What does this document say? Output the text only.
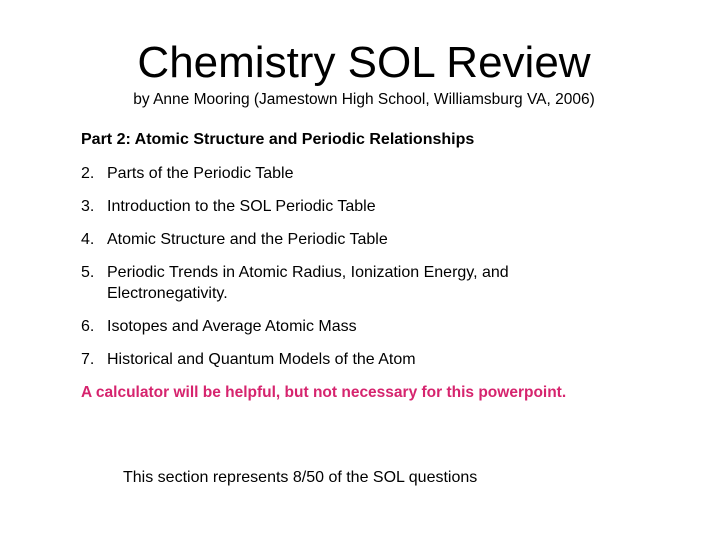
Chemistry SOL Review
by Anne Mooring (Jamestown High School, Williamsburg VA, 2006)
Part 2: Atomic Structure and Periodic Relationships
2. Parts of the Periodic Table
3. Introduction to the SOL Periodic Table
4. Atomic Structure and the Periodic Table
5. Periodic Trends in Atomic Radius, Ionization Energy, and Electronegativity.
6. Isotopes and Average Atomic Mass
7. Historical and Quantum Models of the Atom
A calculator will be helpful, but not necessary for this powerpoint.
This section represents 8/50 of the SOL questions
